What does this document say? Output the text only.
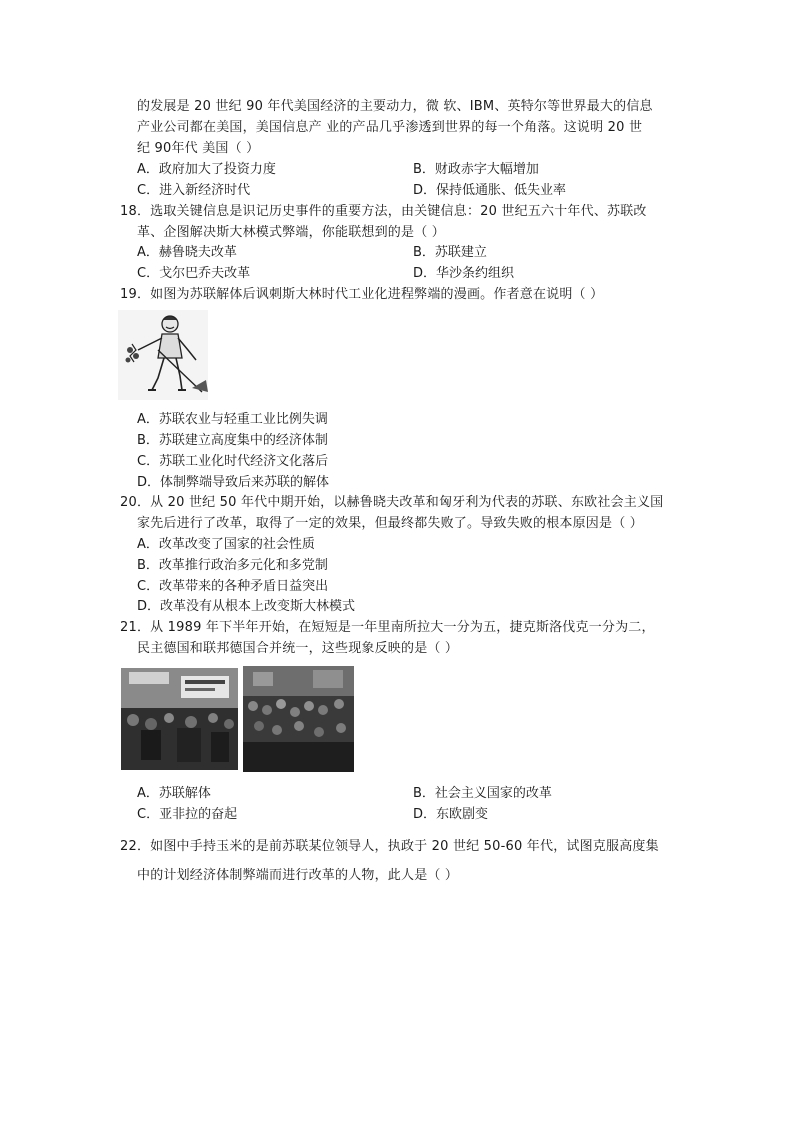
的发展是 20 世纪 90 年代美国经济的主要动力，微 软、IBM、英特尔等世界最大的信息
产业公司都在美国，美国信息产 业的产品几乎渗透到世界的每一个角落。这说明 20 世
纪 90年代 美国（ ）
A．政府加大了投资力度	B．财政赤字大幅增加
C．进入新经济时代	D．保持低通胀、低失业率
18．选取关键信息是识记历史事件的重要方法，由关键信息：20 世纪五六十年代、苏联改
革、企图解决斯大林模式弊端，你能联想到的是（ ）
A．赫鲁晓夫改革	B．苏联建立
C．戈尔巴乔夫改革	D．华沙条约组织
19．如图为苏联解体后讽刺斯大林时代工业化进程弊端的漫画。作者意在说明（ ）
A．苏联农业与轻重工业比例失调
B．苏联建立高度集中的经济体制
C．苏联工业化时代经济文化落后
D．体制弊端导致后来苏联的解体
20．从 20 世纪 50 年代中期开始，以赫鲁晓夫改革和匈牙利为代表的苏联、东欧社会主义国
家先后进行了改革，取得了一定的效果，但最终都失败了。导致失败的根本原因是（ ）
A．改革改变了国家的社会性质
B．改革推行政治多元化和多党制
C．改革带来的各种矛盾日益突出
D．改革没有从根本上改变斯大林模式
21．从 1989 年下半年开始，在短短是一年里南所拉大一分为五，捷克斯洛伐克一分为二，
民主德国和联邦德国合并统一，这些现象反映的是（ ）
A．苏联解体	B．社会主义国家的改革
C．亚非拉的奋起	D．东欧剧变
22．如图中手持玉米的是前苏联某位领导人，执政于 20 世纪 50-60 年代，试图克服高度集
中的计划经济体制弊端而进行改革的人物，此人是（ ）
